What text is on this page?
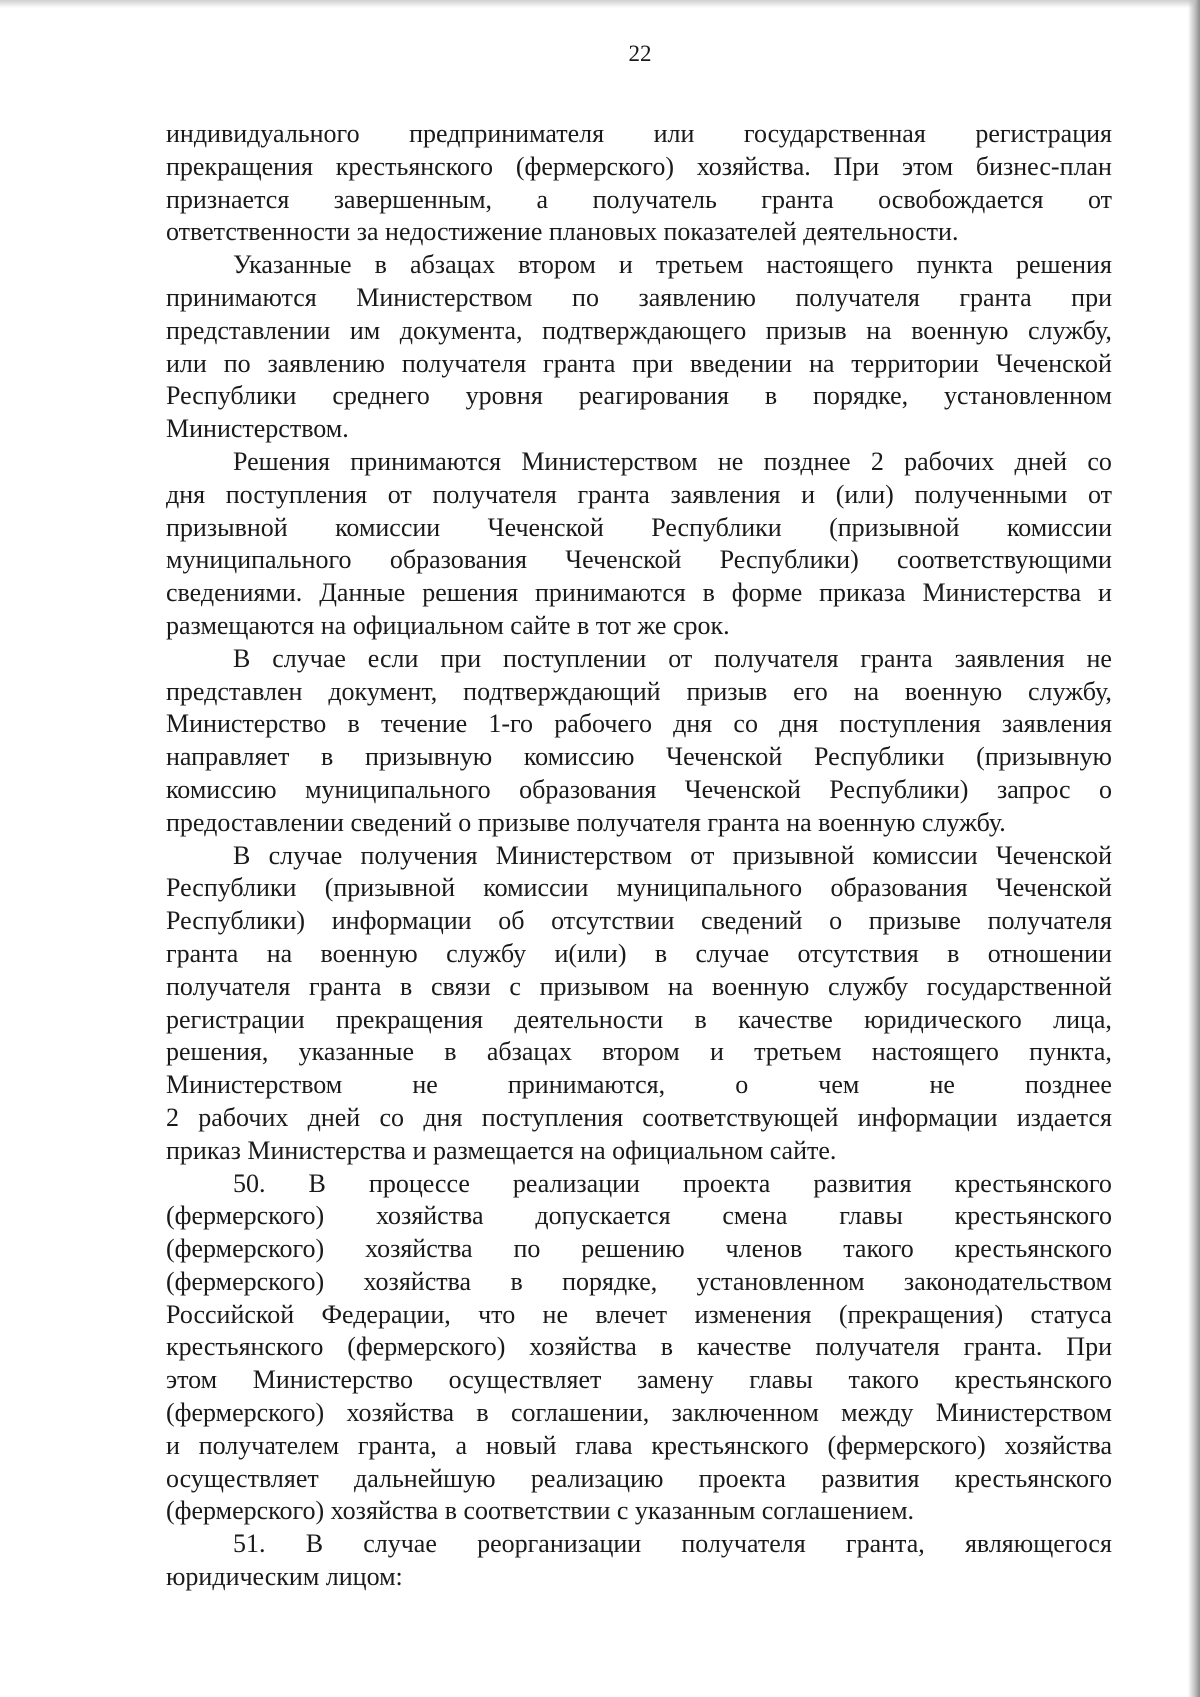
22
индивидуального предпринимателя или государственная регистрация
прекращения крестьянского (фермерского) хозяйства. При этом бизнес-план
признается завершенным, а получатель гранта освобождается от
ответственности за недостижение плановых показателей деятельности.
Указанные в абзацах втором и третьем настоящего пункта решения
принимаются Министерством по заявлению получателя гранта при
представлении им документа, подтверждающего призыв на военную службу,
или по заявлению получателя гранта при введении на территории Чеченской
Республики среднего уровня реагирования в порядке, установленном
Министерством.
Решения принимаются Министерством не позднее 2 рабочих дней со
дня поступления от получателя гранта заявления и (или) полученными от
призывной комиссии Чеченской Республики (призывной комиссии
муниципального образования Чеченской Республики) соответствующими
сведениями. Данные решения принимаются в форме приказа Министерства и
размещаются на официальном сайте в тот же срок.
В случае если при поступлении от получателя гранта заявления не
представлен документ, подтверждающий призыв его на военную службу,
Министерство в течение 1-го рабочего дня со дня поступления заявления
направляет в призывную комиссию Чеченской Республики (призывную
комиссию муниципального образования Чеченской Республики) запрос о
предоставлении сведений о призыве получателя гранта на военную службу.
В случае получения Министерством от призывной комиссии Чеченской
Республики (призывной комиссии муниципального образования Чеченской
Республики) информации об отсутствии сведений о призыве получателя
гранта на военную службу и(или) в случае отсутствия в отношении
получателя гранта в связи с призывом на военную службу государственной
регистрации прекращения деятельности в качестве юридического лица,
решения, указанные в абзацах втором и третьем настоящего пункта,
Министерством	не	принимаются,	о	чем	не	позднее
2 рабочих дней со дня поступления соответствующей информации издается
приказ Министерства и размещается на официальном сайте.
50. В процессе реализации проекта развития крестьянского
(фермерского) хозяйства допускается смена главы крестьянского
(фермерского) хозяйства по решению членов такого крестьянского
(фермерского) хозяйства в порядке, установленном законодательством
Российской Федерации, что не влечет изменения (прекращения) статуса
крестьянского (фермерского) хозяйства в качестве получателя гранта. При
этом Министерство осуществляет замену главы такого крестьянского
(фермерского) хозяйства в соглашении, заключенном между Министерством
и получателем гранта, а новый глава крестьянского (фермерского) хозяйства
осуществляет дальнейшую реализацию проекта развития крестьянского
(фермерского) хозяйства в соответствии с указанным соглашением.
51. В случае реорганизации получателя гранта, являющегося
юридическим лицом:
